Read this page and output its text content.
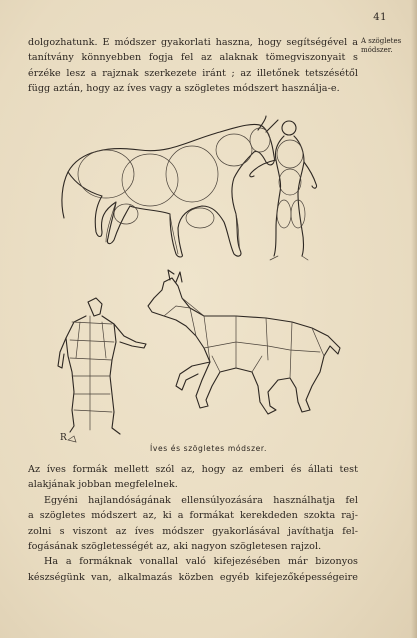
41
A szögletes módszer.
dolgozhatunk. E módszer gyakorlati haszna, hogy segítségével a
tanítvány könnyebben fogja fel az alaknak tömegviszonyait s
érzéke lesz a rajznak szerkezete iránt ; az illetőnek tetszésétől
függ aztán, hogy az íves vagy a szögletes módszert használja-e.
R
Íves és szögletes módszer.
Az íves formák mellett szól az, hogy az emberi és állati test
alakjának jobban megfelelnek.
Egyéni hajlandóságának ellensúlyozására használhatja fel
a szögletes módszert az, ki a formákat kerekdeden szokta raj-
zolni s viszont az íves módszer gyakorlásával javíthatja fel-
fogásának szögletességét az, aki nagyon szögletesen rajzol.
Ha a formáknak vonallal való kifejezésében már bizonyos
készségünk van, alkalmazás közben egyéb kifejezőképességeire
